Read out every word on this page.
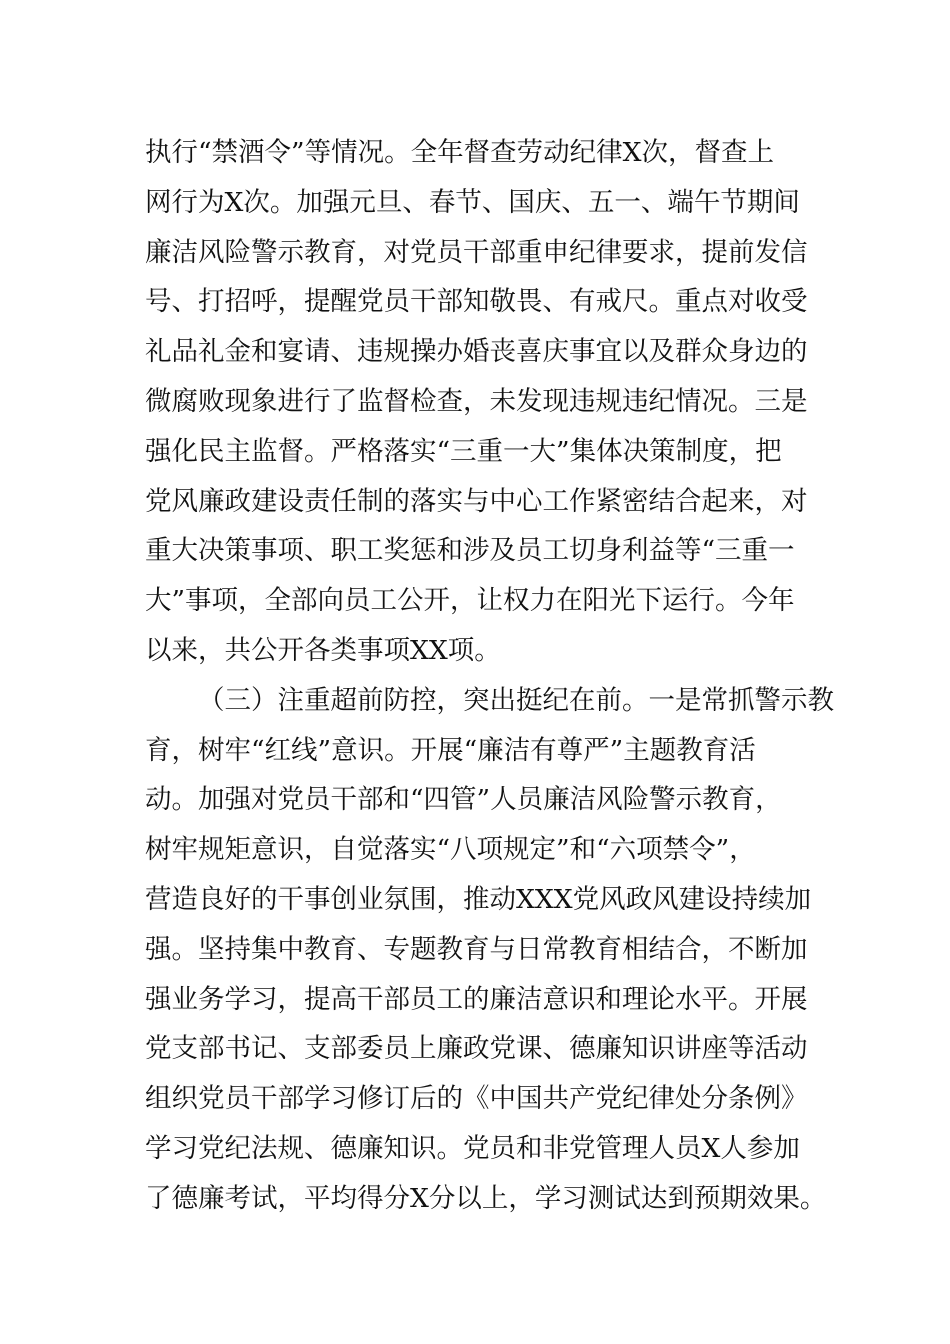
执行“禁酒令”等情况。全年督查劳动纪律X次，督查上
网行为X次。加强元旦、春节、国庆、五一、端午节期间
廉洁风险警示教育，对党员干部重申纪律要求，提前发信
号、打招呼，提醒党员干部知敬畏、有戒尺。重点对收受
礼品礼金和宴请、违规操办婚丧喜庆事宜以及群众身边的
微腐败现象进行了监督检查，未发现违规违纪情况。三是
强化民主监督。严格落实“三重一大”集体决策制度，把
党风廉政建设责任制的落实与中心工作紧密结合起来，对
重大决策事项、职工奖惩和涉及员工切身利益等“三重一
大”事项，全部向员工公开，让权力在阳光下运行。今年
以来，共公开各类事项XX项。
（三）注重超前防控，突出挺纪在前。一是常抓警示教
育，树牢“红线”意识。开展“廉洁有尊严”主题教育活
动。加强对党员干部和“四管”人员廉洁风险警示教育，
树牢规矩意识，自觉落实“八项规定”和“六项禁令”，
营造良好的干事创业氛围，推动XXX党风政风建设持续加
强。坚持集中教育、专题教育与日常教育相结合，不断加
强业务学习，提高干部员工的廉洁意识和理论水平。开展
党支部书记、支部委员上廉政党课、德廉知识讲座等活动
组织党员干部学习修订后的《中国共产党纪律处分条例》
学习党纪法规、德廉知识。党员和非党管理人员X人参加
了德廉考试，平均得分X分以上，学习测试达到预期效果。
